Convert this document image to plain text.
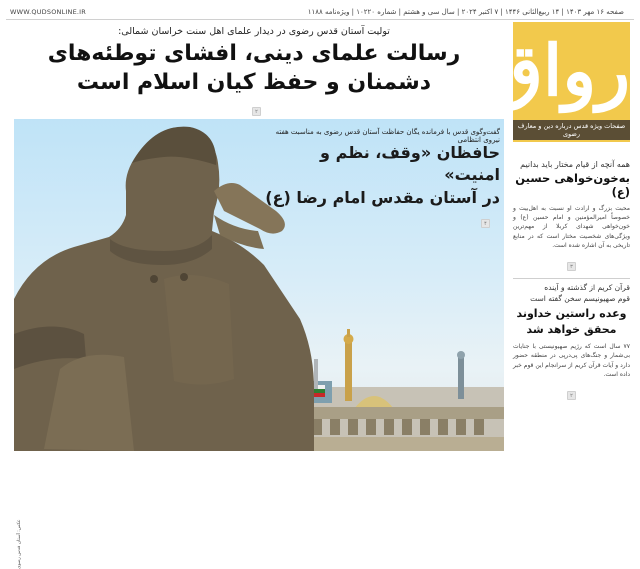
صفحه ۱۶ مهر ۱۴۰۳ | ۱۴ ربیع‌الثانی ۱۴۴۶ | ۷ اکتبر ۲۰۲۴ | سال سی و هشتم | شماره ۱۰۲۲۰ | ویژه‌نامه ۱۱۸۸
WWW.QUDSONLINE.IR
رواق
صفحات ویژه قدس درباره دین و معارف رضوی
تولیت آستان قدس رضوی در دیدار علمای اهل سنت خراسان شمالی:
رسالت علمای دینی، افشای توطئه‌های
دشمنان و حفظ کیان اسلام است
۲
عکس: آستان قدس رضوی
گفت‌وگوی قدس با فرمانده یگان حفاظت آستان قدس رضوی به مناسبت هفته نیروی انتظامی
حافظان «وقف، نظم و امنیت»
در آستان مقدس امام رضا (ع)
۴
همه آنچه از قیام مختار باید بدانیم
به‌خون‌خواهی حسین (ع)
محبت بزرگ و ارادت او نسبت به اهل‌بیت و خصوصاً امیرالمؤمنین و امام حسین (ع) و خون‌خواهی شهدای کربلا از مهم‌ترین ویژگی‌های شخصیت مختار است که در منابع تاریخی به آن اشاره شده است.
۳
قرآن کریم از گذشته و آینده
قوم صهیونیسم سخن گفته است
وعده راستین خداوند
محقق خواهد شد
۷۷ سال است که رژیم صهیونیستی با جنایات بی‌شمار و جنگ‌های پی‌درپی در منطقه حضور دارد و آیات قرآن کریم از سرانجام این قوم خبر داده است.
۲
